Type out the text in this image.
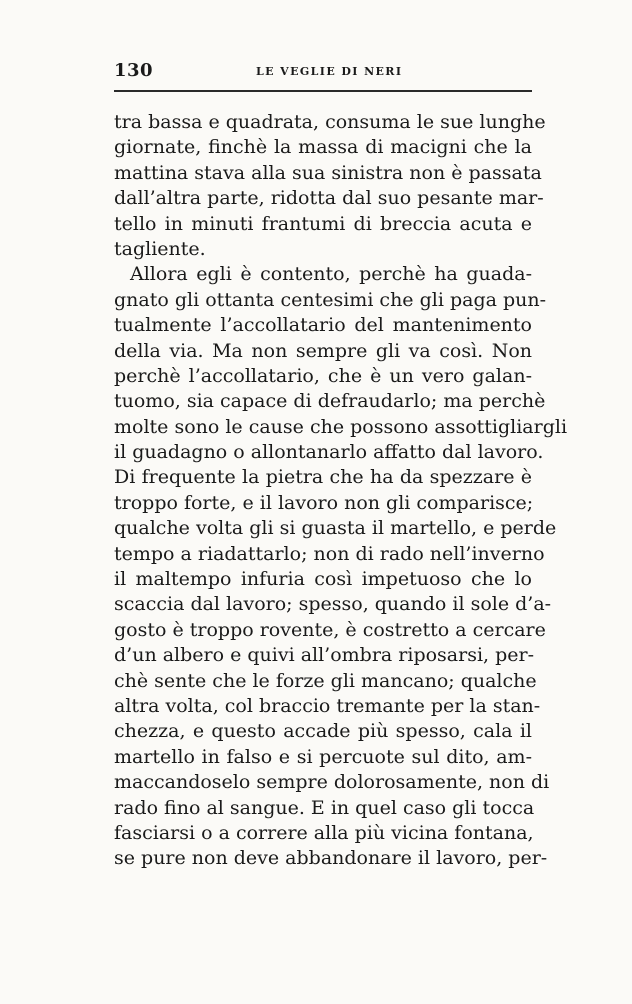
130	LE VEGLIE DI NERI
tra bassa e quadrata, consuma le sue lunghe
giornate, finchè la massa di macigni che la
mattina stava alla sua sinistra non è passata
dall’altra parte, ridotta dal suo pesante mar-
tello in minuti frantumi di breccia acuta e
tagliente.
Allora egli è contento, perchè ha guada-
gnato gli ottanta centesimi che gli paga pun-
tualmente l’accollatario del mantenimento
della via. Ma non sempre gli va così. Non
perchè l’accollatario, che è un vero galan-
tuomo, sia capace di defraudarlo; ma perchè
molte sono le cause che possono assottigliargli
il guadagno o allontanarlo affatto dal lavoro.
Di frequente la pietra che ha da spezzare è
troppo forte, e il lavoro non gli comparisce;
qualche volta gli si guasta il martello, e perde
tempo a riadattarlo; non di rado nell’inverno
il maltempo infuria così impetuoso che lo
scaccia dal lavoro; spesso, quando il sole d’a-
gosto è troppo rovente, è costretto a cercare
d’un albero e quivi all’ombra riposarsi, per-
chè sente che le forze gli mancano; qualche
altra volta, col braccio tremante per la stan-
chezza, e questo accade più spesso, cala il
martello in falso e si percuote sul dito, am-
maccandoselo sempre dolorosamente, non di
rado fino al sangue. E in quel caso gli tocca
fasciarsi o a correre alla più vicina fontana,
se pure non deve abbandonare il lavoro, per-
